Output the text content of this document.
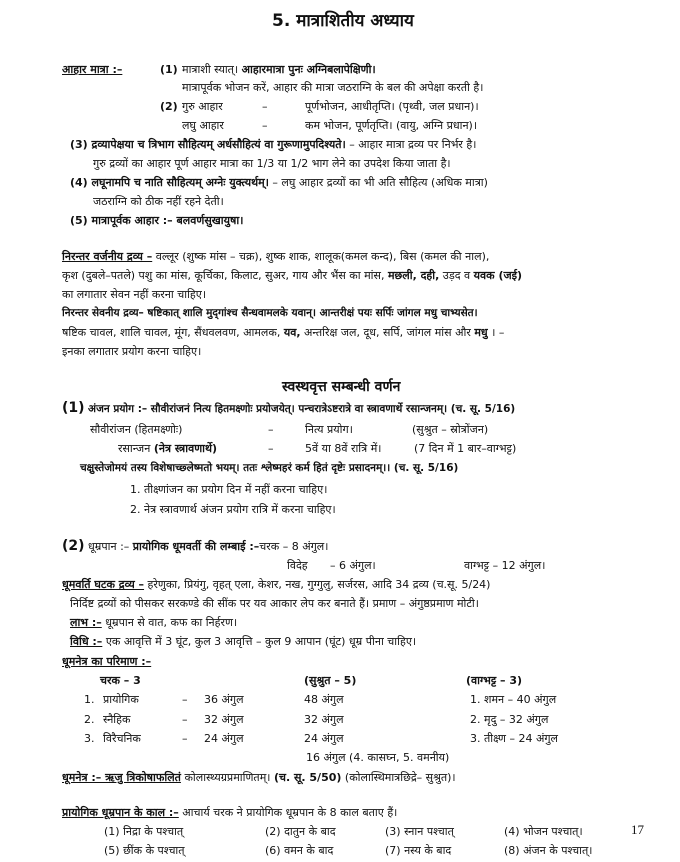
5. मात्राशितीय अध्याय
आहार मात्रा :–	(1) मात्राशी स्यात्। आहारमात्रा पुनः अग्निबलापेक्षिणी।
मात्रापूर्वक भोजन करें, आहार की मात्रा जठराग्नि के बल की अपेक्षा करती है।
(2) गुरु आहार	–	पूर्णभोजन, आधीतृप्ति। (पृथ्वी, जल प्रधान)।
लघु आहार	–	कम भोजन, पूर्णतृप्ति। (वायु, अग्नि प्रधान)।
(3) द्रव्यापेक्षया च त्रिभाग सौहित्यम् अर्धसौहित्यं वा गुरूणामुपदिश्यते। – आहार मात्रा द्रव्य पर निर्भर है।
गुरु द्रव्यों का आहार पूर्ण आहार मात्रा का 1/3 या 1/2 भाग लेने का उपदेश किया जाता है।
(4) लघूनामपि च नाति सौहित्यम् अग्नेः युक्त्यर्थम्। – लघु आहार द्रव्यों का भी अति सौहित्य (अधिक मात्रा)
जठराग्नि को ठीक नहीं रहने देती।
(5) मात्रापूर्वक आहार :– बलवर्णसुखायुषा।
निरन्तर वर्जनीय द्रव्य – वल्लूर (शुष्क मांस – चक्र), शुष्क शाक, शालूक(कमल कन्द), बिस (कमल की नाल),
कृश (दुबले–पतले) पशु का मांस, कूर्चिका, किलाट, सुअर, गाय और भैंस का मांस, मछली, दही, उड़द व यवक (जई)
का लगातार सेवन नहीं करना चाहिए।
निरन्तर सेवनीय द्रव्य– षष्टिकात् शालि मुद्‌गांश्च सैन्धवामलके यवान्। आन्तरीक्षं पयः सर्पिः जांगल मधु चाभ्यसेत।
षष्टिक चावल, शालि चावल, मूंग, सैंधवलवण, आमलक, यव, अन्तरिक्ष जल, दूध, सर्पि, जांगल मांस और मधु । –
इनका लगातार प्रयोग करना चाहिए।
स्वस्थवृत्त सम्बन्धी वर्णन
(1) अंजन प्रयोग :– सौवीरांजनं नित्य हितमक्ष्णोः प्रयोजयेत्। पन्चरात्रेऽष्टरात्रे वा स्त्रावणार्थे रसान्जनम्। (च. सू. 5/16)
सौवीरांजन (हितमक्ष्णोः)	–	नित्य प्रयोग।	(सुश्रुत – स्रोत्रोंजन)
रसान्जन (नेत्र स्त्रावणार्थे)	–	5वें या 8वें रात्रि में।	(7 दिन में 1 बार–वाग्भट्ट)
चक्षुस्तेजोमयं तस्य विशेषाच्छ्लेष्मतो भयम्। ततः श्लेष्महरं कर्म हितं दृष्टेः प्रसादनम्।। (च. सू. 5/16)
1. तीक्ष्णांजन का प्रयोग दिन में नहीं करना चाहिए।
2. नेत्र स्त्रावणार्थ अंजन प्रयोग रात्रि में करना चाहिए।
(2) धूम्रपान :– प्रायोगिक धूमवर्ती की लम्बाई :–चरक – 8 अंगुल।
विदेह – 6 अंगुल।	वाग्भट्ट – 12 अंगुल।
धूमवर्ति घटक द्रव्य – हरेणुका, प्रियंगु, वृहत् एला, केशर, नख, गुग्गुलु, सर्जरस, आदि 34 द्रव्य (च.सू. 5/24)
निर्दिष्ट द्रव्यों को पीसकर सरकण्डे की सींक पर यव आकार लेप कर बनाते हैं। प्रमाण – अंगुष्ठप्रमाण मोटी।
लाभ :– धूम्रपान से वात, कफ का निर्हरण।
विधि :– एक आवृत्ति में 3 घूंट, कुल 3 आवृत्ति – कुल 9 आपान (घूंट) धूम्र पीना चाहिए।
धूमनेत्र का परिमाण :–
चरक – 3	(सुश्रुत – 5)	(वाग्भट्ट – 3)
1. प्रायोगिक	– 36 अंगुल	48 अंगुल	1. शमन – 40 अंगुल
2. स्नैहिक	– 32 अंगुल	32 अंगुल	2. मृदु – 32 अंगुल
3. विरैचनिक	– 24 अंगुल	24 अंगुल	3. तीक्ष्ण – 24 अंगुल
16 अंगुल (4. कासघ्न, 5. वमनीय)
धूमनेत्र :– ऋजु त्रिकोषाफलितं कोलास्थ्यग्रप्रमाणितम्। (च. सू. 5/50) (कोलास्थिमात्रछिद्रे– सुश्रुत)।
प्रायोगिक धूम्रपान के काल :– आचार्य चरक ने प्रायोगिक धूम्रपान के 8 काल बताए हैं।
(1) निद्रा के पश्चात्	(2) दातुन के बाद	(3) स्नान पश्चात्	(4) भोजन पश्चात्।
(5) छींक के पश्चात्	(6) वमन के बाद	(7) नस्य के बाद	(8) अंजन के पश्चात्।
17
